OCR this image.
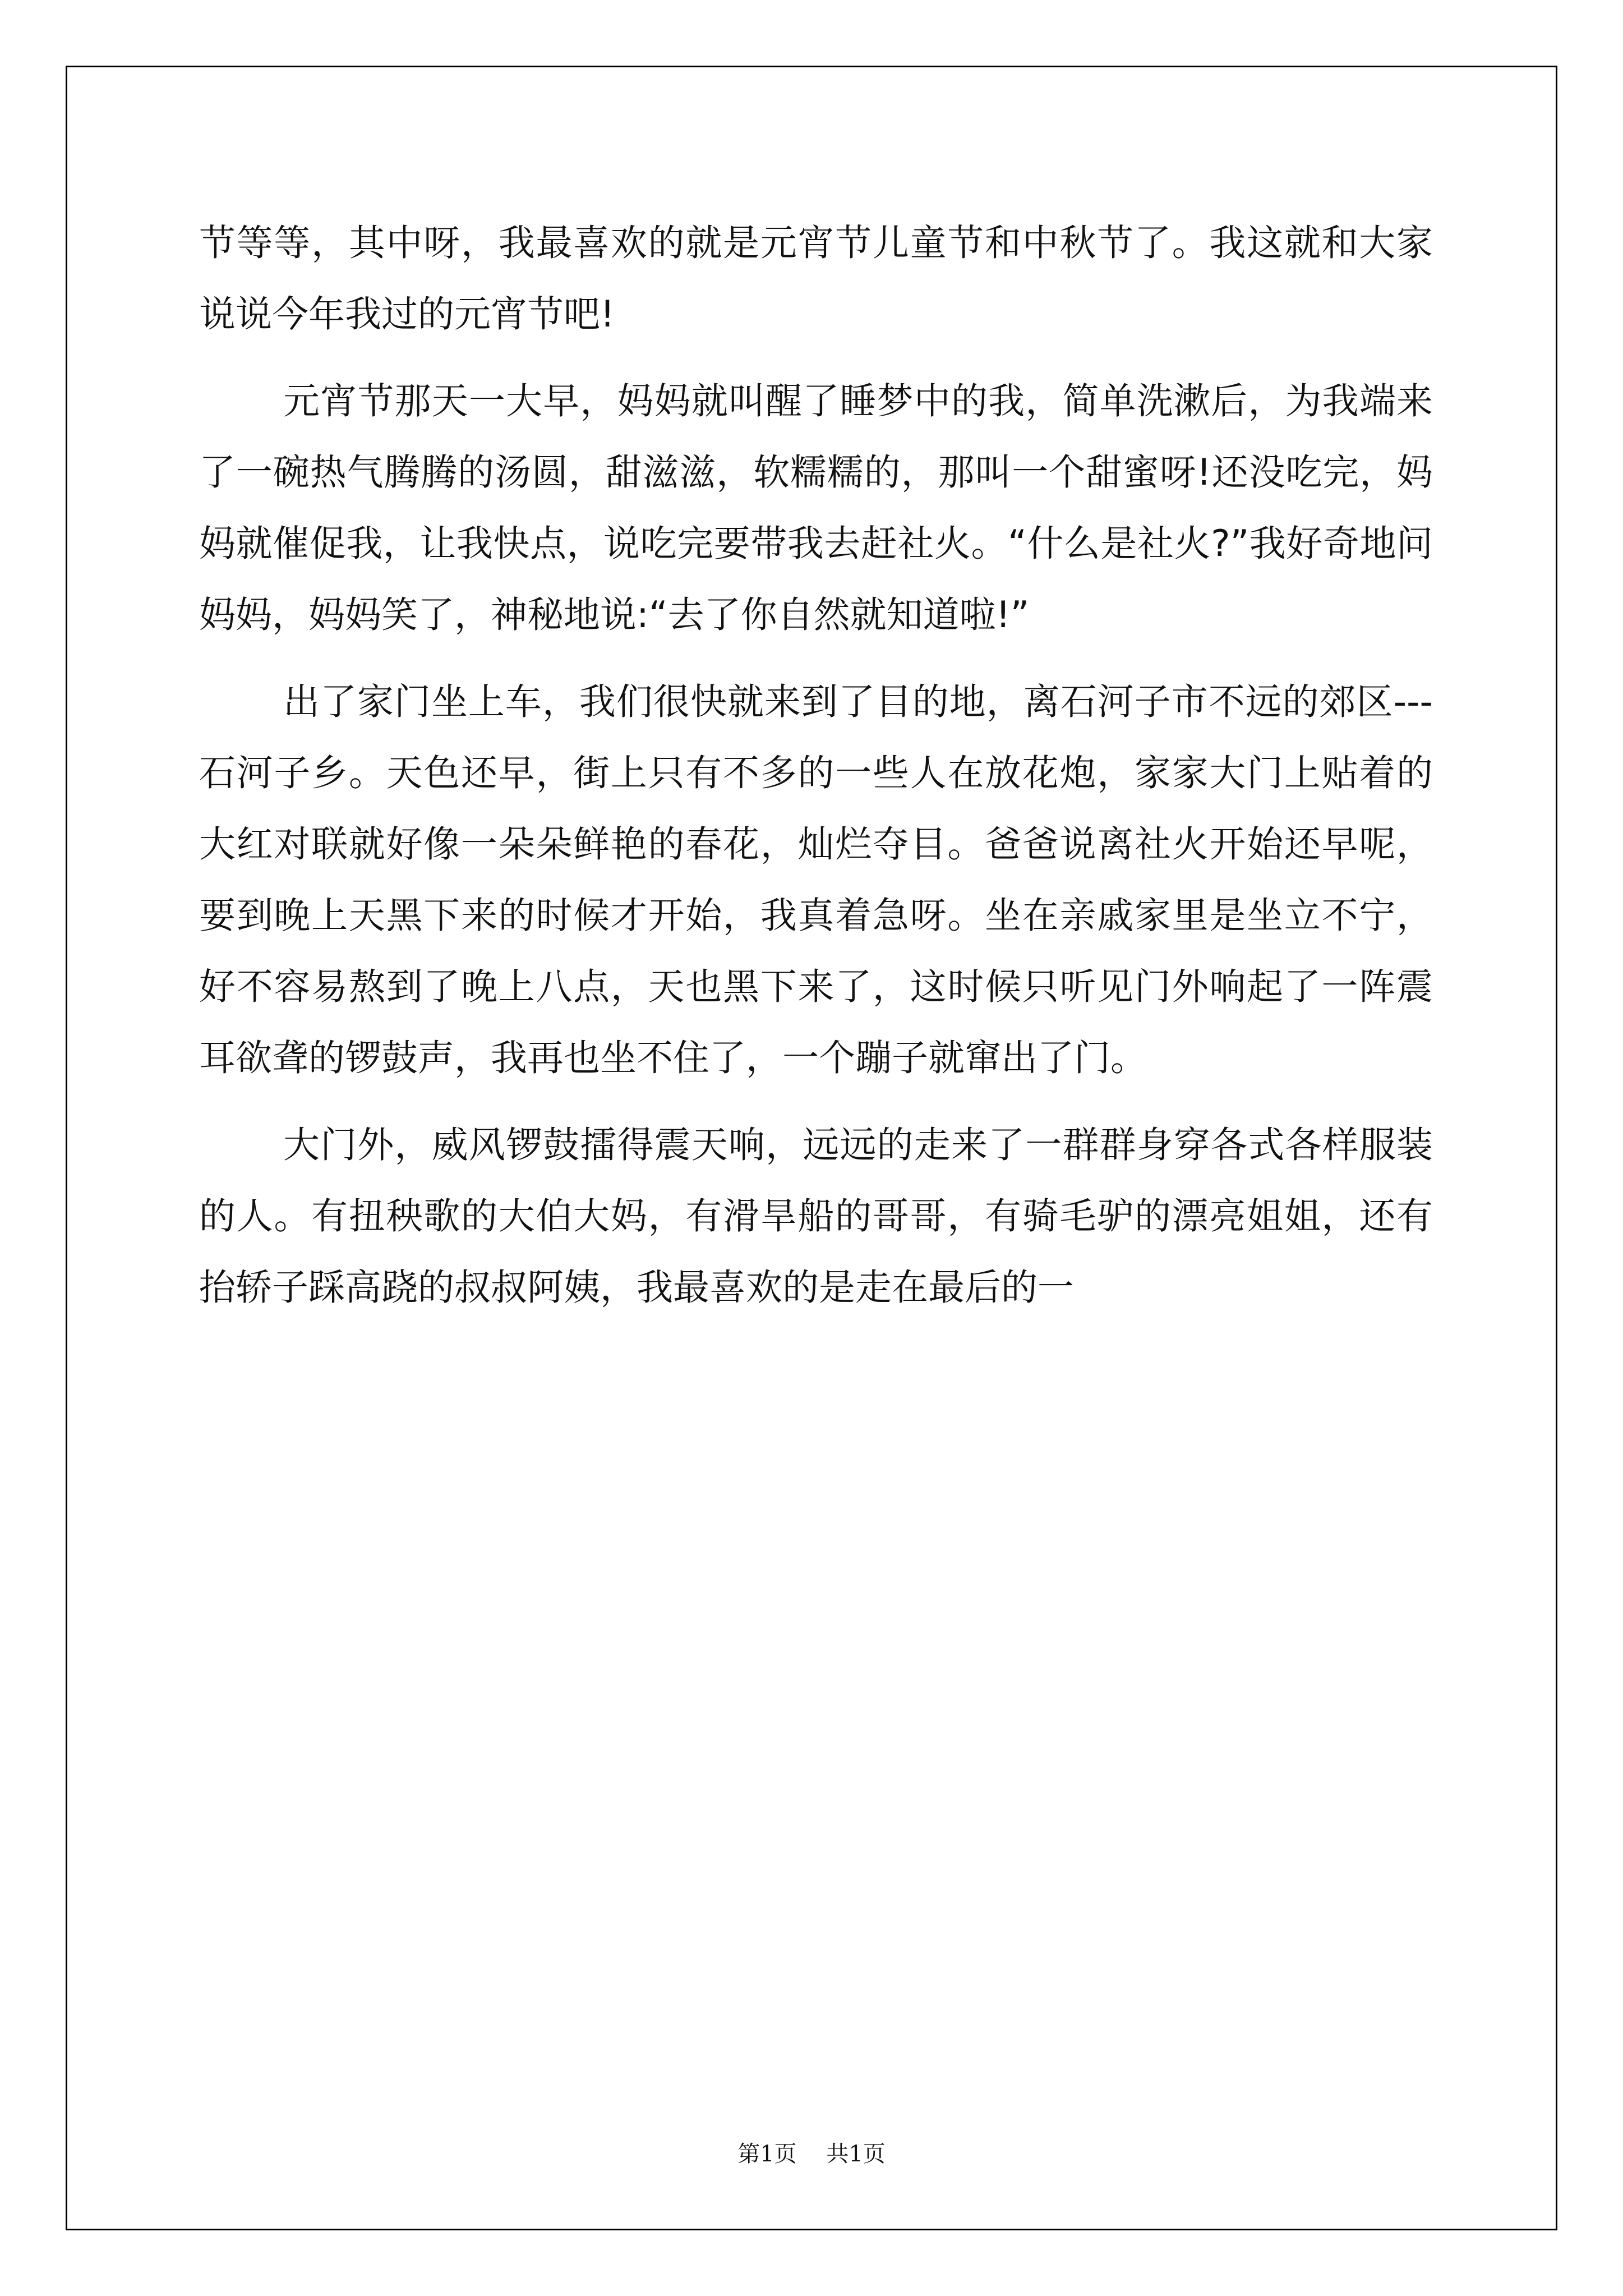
节等等，其中呀，我最喜欢的就是元宵节儿童节和中秋节了。我这就和大家说说今年我过的元宵节吧!

元宵节那天一大早，妈妈就叫醒了睡梦中的我，简单洗漱后，为我端来了一碗热气腾腾的汤圆，甜滋滋，软糯糯的，那叫一个甜蜜呀!还没吃完，妈妈就催促我，让我快点，说吃完要带我去赶社火。“什么是社火?”我好奇地问妈妈，妈妈笑了，神秘地说:“去了你自然就知道啦!”

出了家门坐上车，我们很快就来到了目的地，离石河子市不远的郊区---石河子乡。天色还早，街上只有不多的一些人在放花炮，家家大门上贴着的大红对联就好像一朵朵鲜艳的春花，灿烂夺目。爸爸说离社火开始还早呢，要到晚上天黑下来的时候才开始，我真着急呀。坐在亲戚家里是坐立不宁，好不容易熬到了晚上八点，天也黑下来了，这时候只听见门外响起了一阵震耳欲聋的锣鼓声，我再也坐不住了，一个蹦子就窜出了门。

大门外，威风锣鼓擂得震天响，远远的走来了一群群身穿各式各样服装的人。有扭秧歌的大伯大妈，有滑旱船的哥哥，有骑毛驴的漂亮姐姐，还有抬轿子踩高跷的叔叔阿姨，我最喜欢的是走在最后的一

第1页 共1页
